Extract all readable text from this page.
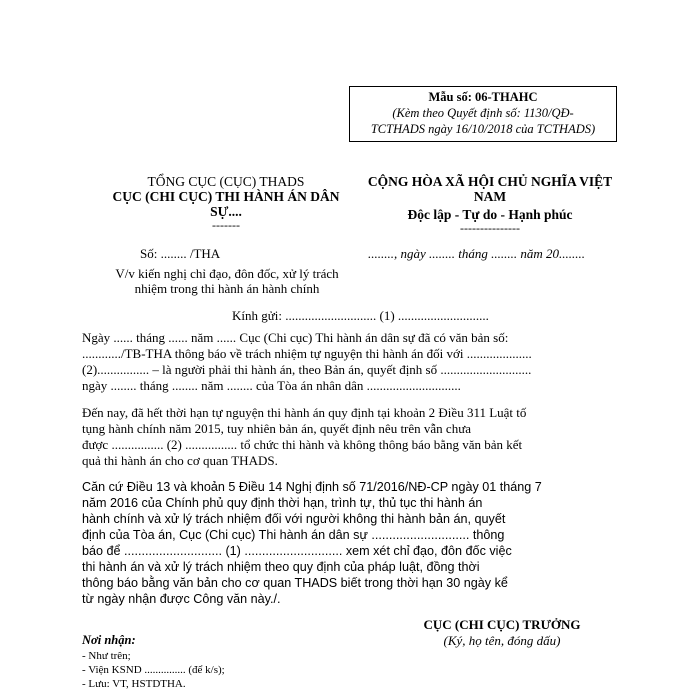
Mẫu số: 06-THAHC
(Kèm theo Quyết định số: 1130/QĐ-
TCTHADS ngày 16/10/2018 của TCTHADS)
TỔNG CỤC (CỤC) THADS
CỤC (CHI CỤC) THI HÀNH ÁN DÂN
SỰ....
-------
CỘNG HÒA XÃ HỘI CHỦ NGHĨA VIỆT
NAM
Độc lập - Tự do - Hạnh phúc
---------------
Số: ........ /THA	........, ngày ........ tháng ........ năm 20........
V/v kiến nghị chỉ đạo, đôn đốc, xử lý trách
nhiệm trong thi hành án hành chính
Kính gửi: ............................ (1) ............................
Ngày ...... tháng ...... năm ...... Cục (Chi cục) Thi hành án dân sự đã có văn bản số:
............/TB-THA thông báo về trách nhiệm tự nguyện thi hành án đối với ....................
(2)................ – là người phải thi hành án, theo Bản án, quyết định số ............................
ngày ........ tháng ........ năm ........ của Tòa án nhân dân .............................
Đến nay, đã hết thời hạn tự nguyện thi hành án quy định tại khoản 2 Điều 311 Luật tố
tụng hành chính năm 2015, tuy nhiên bản án, quyết định nêu trên vẫn chưa
được ................ (2) ................ tổ chức thi hành và không thông báo bằng văn bản kết
quả thi hành án cho cơ quan THADS.
Căn cứ Điều 13 và khoản 5 Điều 14 Nghị định số 71/2016/NĐ-CP ngày 01 tháng 7
năm 2016 của Chính phủ quy định thời hạn, trình tự, thủ tục thi hành án
hành chính và xử lý trách nhiệm đối với người không thi hành bản án, quyết
định của Tòa án, Cục (Chi cục) Thi hành án dân sự ............................ thông
báo để ............................ (1) ............................ xem xét chỉ đạo, đôn đốc việc
thi hành án và xử lý trách nhiệm theo quy định của pháp luật, đồng thời
thông báo bằng văn bản cho cơ quan THADS biết trong thời hạn 30 ngày kể
từ ngày nhận được Công văn này./.
CỤC (CHI CỤC) TRƯỞNG
(Ký, họ tên, đóng dấu)
Nơi nhận:
- Như trên;
- Viện KSND ............... (để k/s);
- Lưu: VT, HSTDTHA.
